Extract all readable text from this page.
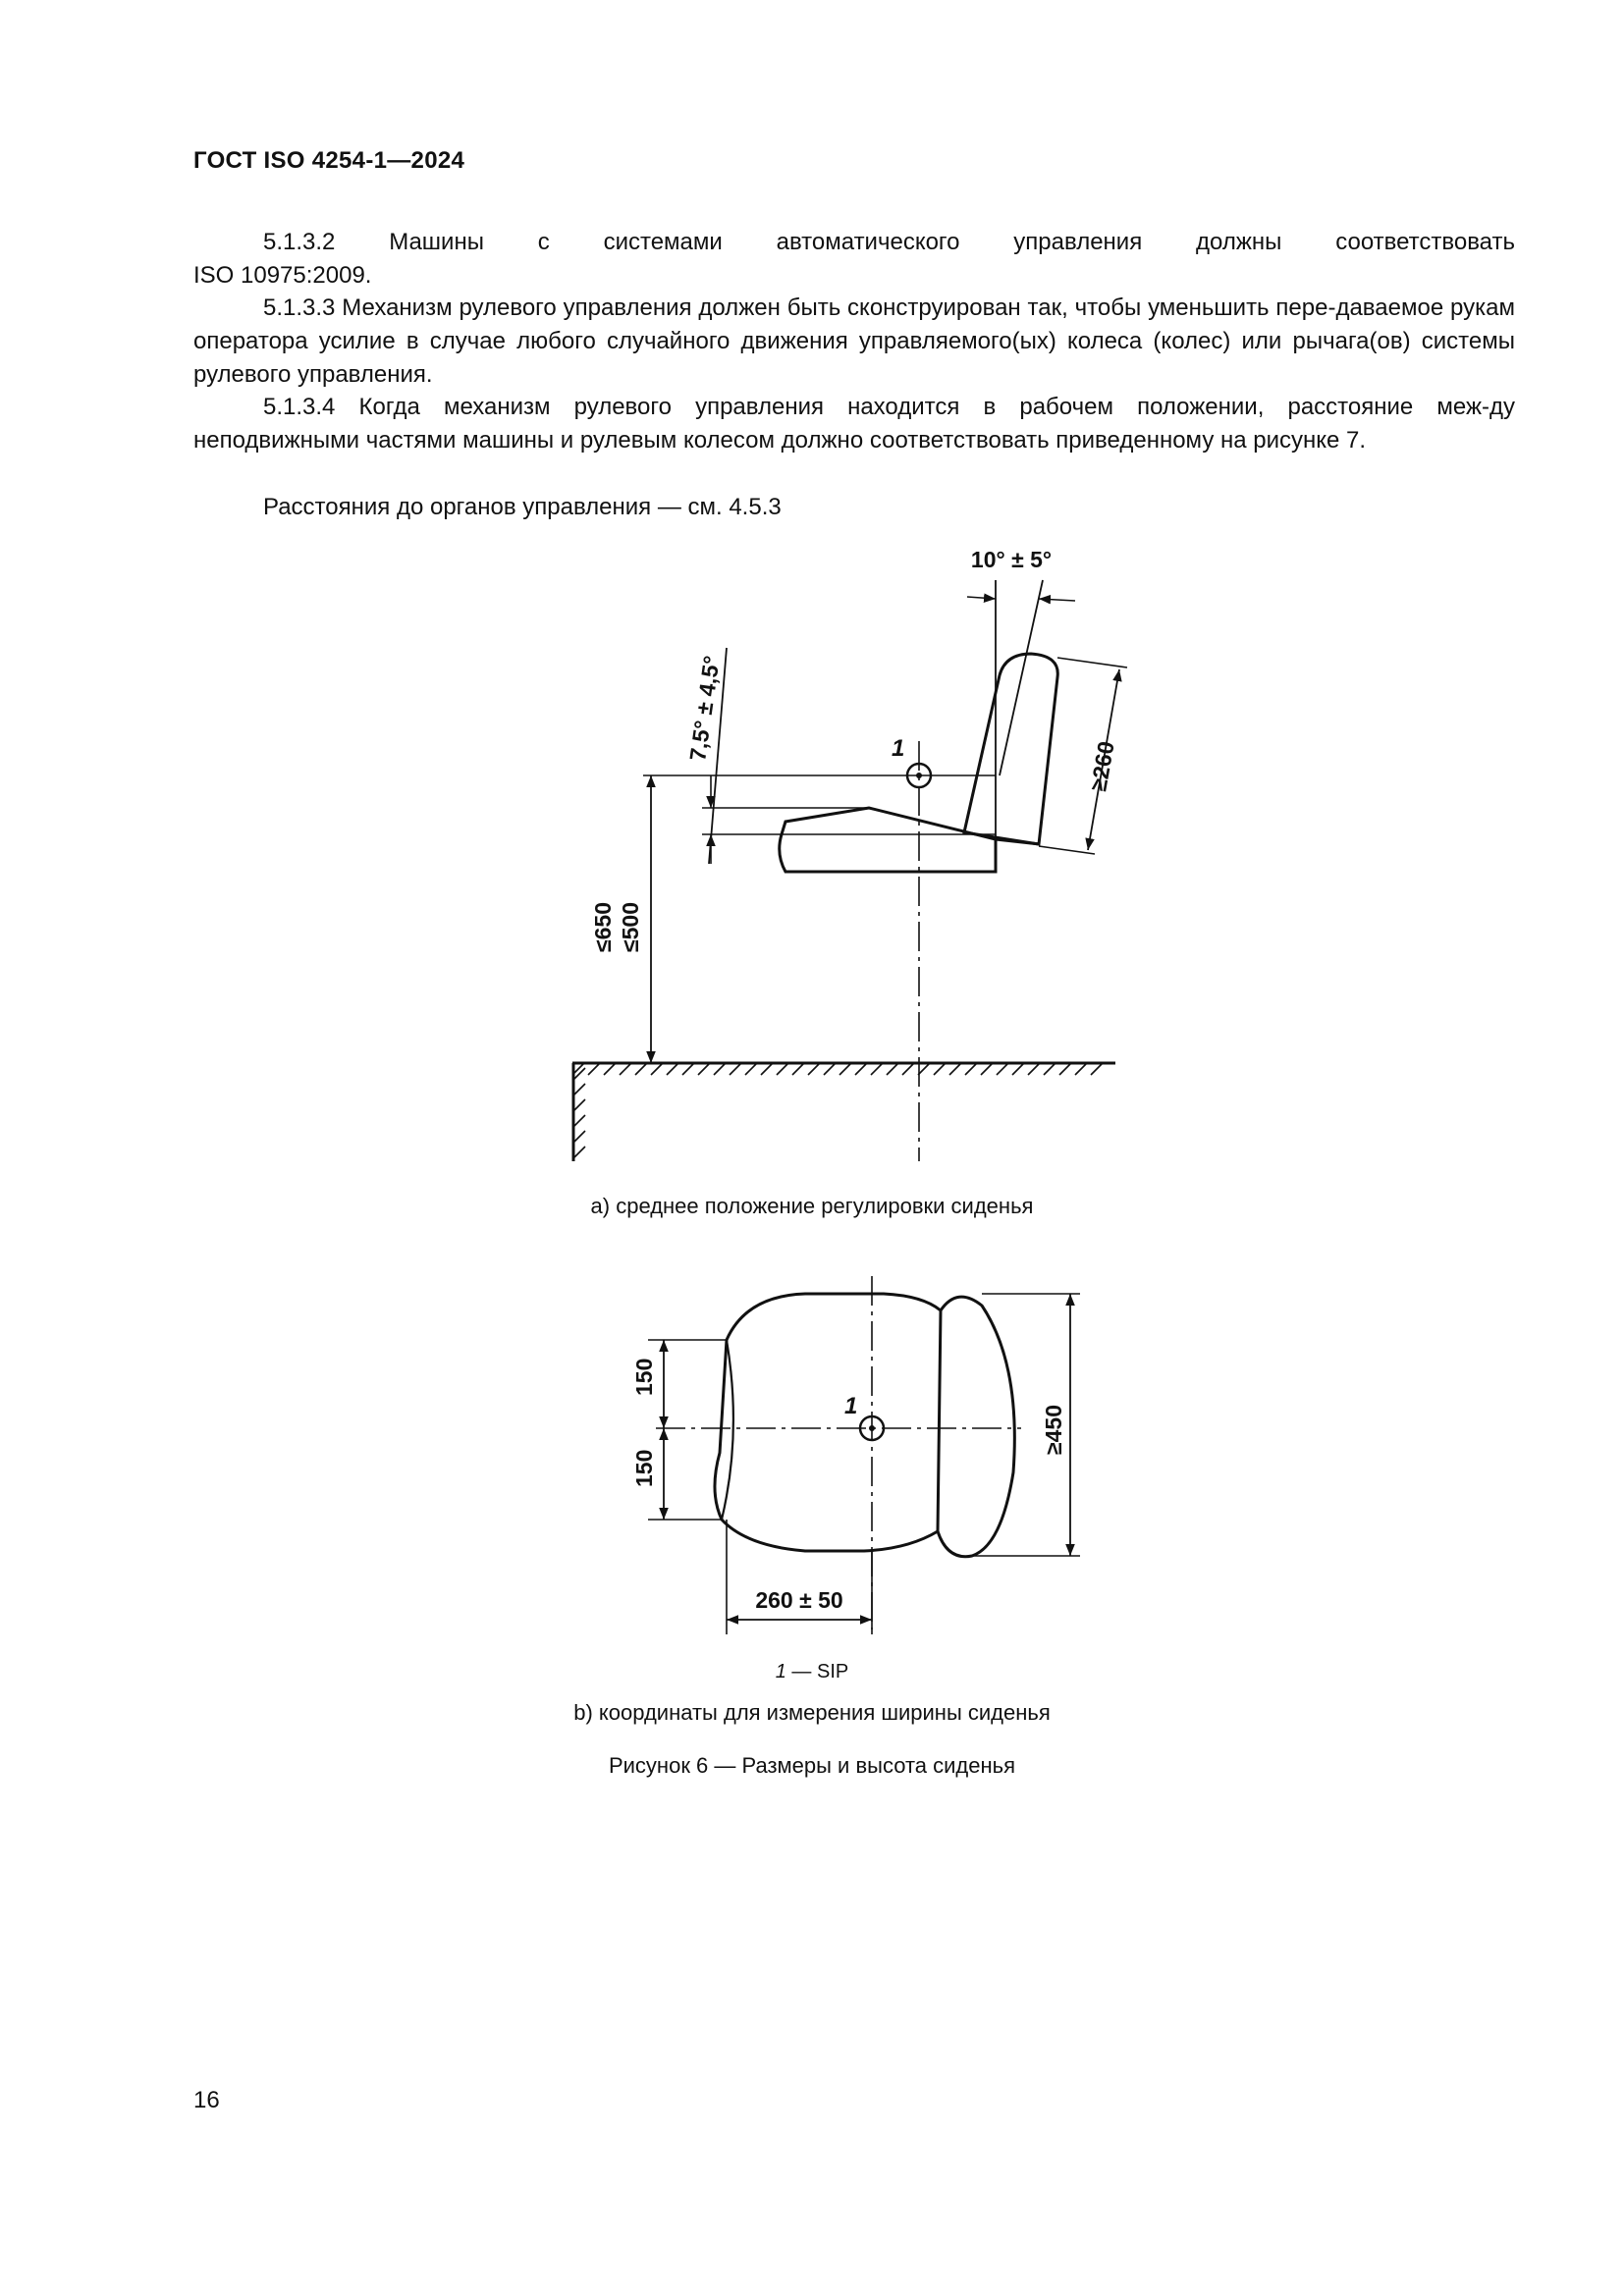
ГОСТ ISO 4254-1—2024
5.1.3.2 Машины с системами автоматического управления должны соответствовать
ISO 10975:2009.
5.1.3.3 Механизм рулевого управления должен быть сконструирован так, чтобы уменьшить пере-даваемое рукам оператора усилие в случае любого случайного движения управляемого(ых) колеса (колес) или рычага(ов) системы рулевого управления.
5.1.3.4 Когда механизм рулевого управления находится в рабочем положении, расстояние меж-ду неподвижными частями машины и рулевым колесом должно соответствовать приведенному на рисунке 7.
Расстояния до органов управления — см. 4.5.3
10° ± 5°
7,5° ± 4,5°
≥260
≤650 ≤500
1
150
150
≥450
260 ± 50
1
а) среднее положение регулировки сиденья
1 — SIP
b) координаты для измерения ширины сиденья
Рисунок 6 — Размеры и высота сиденья
16
